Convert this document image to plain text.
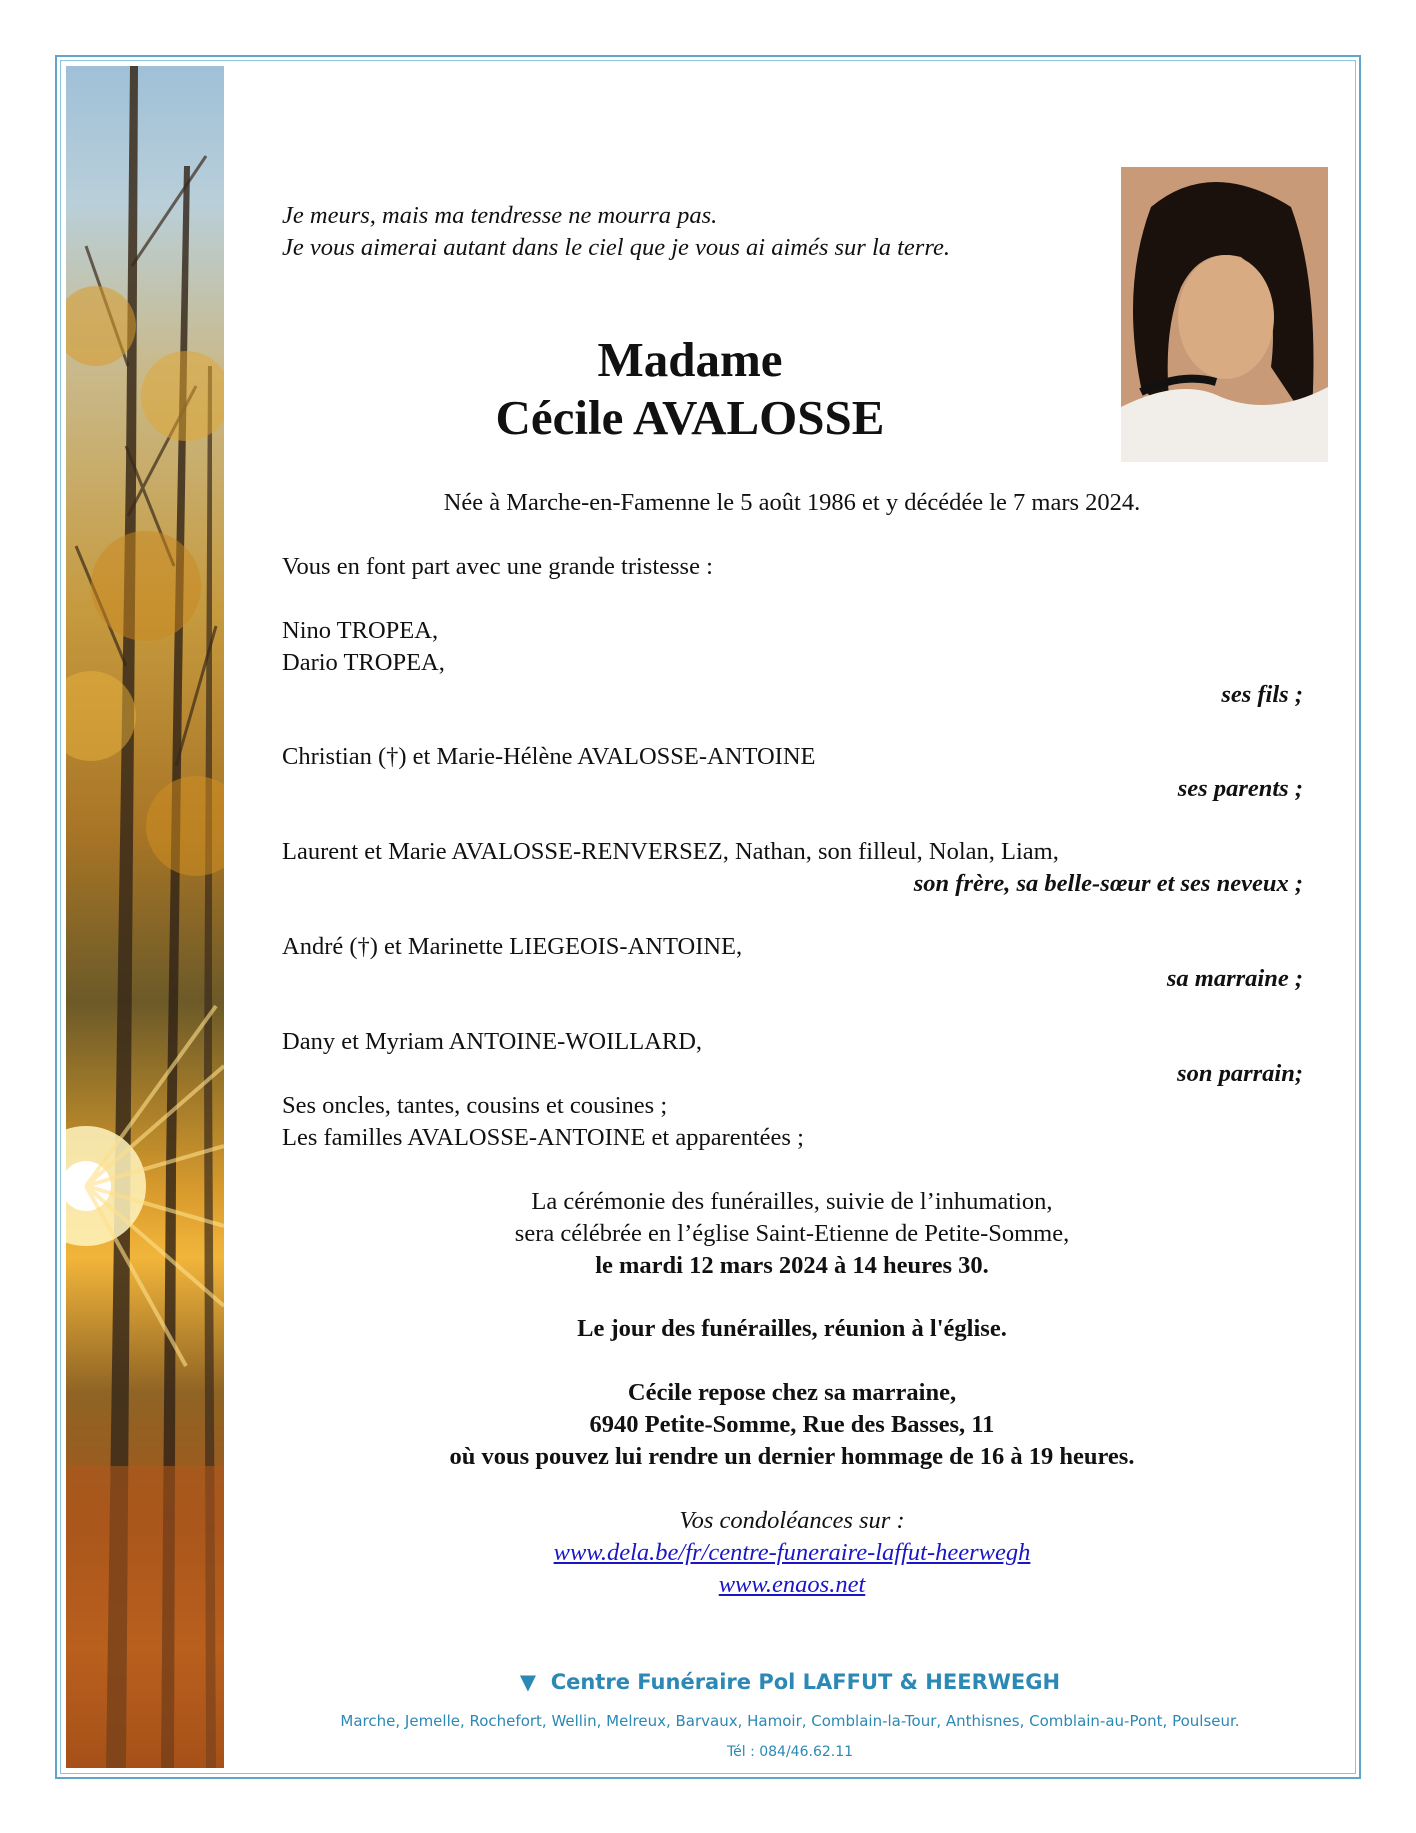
Je meurs, mais ma tendresse ne mourra pas.
Je vous aimerai autant dans le ciel que je vous ai aimés sur la terre.
Madame
Cécile AVALOSSE
Née à Marche-en-Famenne le 5 août 1986 et y décédée le 7 mars 2024.
Vous en font part avec une grande tristesse :
Nino TROPEA,
Dario TROPEA,
ses fils ;
Christian (†) et Marie-Hélène AVALOSSE-ANTOINE
ses parents ;
Laurent et Marie AVALOSSE-RENVERSEZ, Nathan, son filleul, Nolan, Liam,
son frère, sa belle-sœur et ses neveux ;
André (†) et Marinette LIEGEOIS-ANTOINE,
sa marraine ;
Dany et Myriam ANTOINE-WOILLARD,
son parrain;
Ses oncles, tantes, cousins et cousines ;
Les familles AVALOSSE-ANTOINE et apparentées ;
La cérémonie des funérailles, suivie de l’inhumation,
sera célébrée en l’église Saint-Etienne de Petite-Somme,
le mardi 12 mars 2024 à 14 heures 30.
Le jour des funérailles, réunion à l'église.
Cécile repose chez sa marraine,
6940 Petite-Somme, Rue des Basses, 11
où vous pouvez lui rendre un dernier hommage de 16 à 19 heures.
Vos condoléances sur :
www.dela.be/fr/centre-funeraire-laffut-heerwegh
www.enaos.net
▼ Centre Funéraire Pol LAFFUT & HEERWEGH
Marche, Jemelle, Rochefort, Wellin, Melreux, Barvaux, Hamoir, Comblain-la-Tour, Anthisnes, Comblain-au-Pont, Poulseur.
Tél : 084/46.62.11
